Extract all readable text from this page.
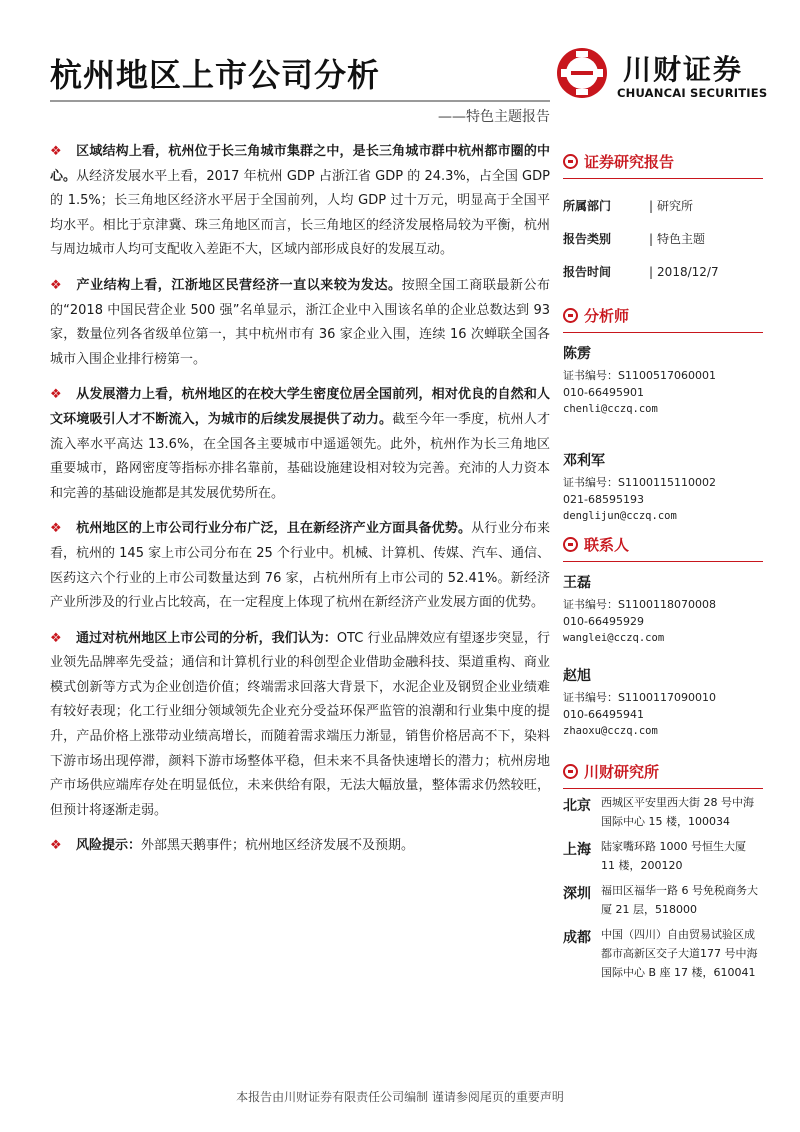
杭州地区上市公司分析	川财证券
CHUANCAI SECURITIES
——特色主题报告

❖ 区域结构上看，杭州位于长三角城市集群之中，是长三角城市群中杭州都市圈的中心。从经济发展水平上看，2017 年杭州 GDP 占浙江省 GDP 的 24.3%，占全国 GDP 的 1.5%；长三角地区经济水平居于全国前列，人均 GDP 过十万元，明显高于全国平均水平。相比于京津冀、珠三角地区而言，长三角地区的经济发展格局较为平衡，杭州与周边城市人均可支配收入差距不大，区域内部形成良好的发展互动。

❖ 产业结构上看，江浙地区民营经济一直以来较为发达。按照全国工商联最新公布的“2018 中国民营企业 500 强”名单显示，浙江企业中入围该名单的企业总数达到 93 家，数量位列各省级单位第一，其中杭州市有 36 家企业入围，连续 16 次蝉联全国各城市入围企业排行榜第一。

❖ 从发展潜力上看，杭州地区的在校大学生密度位居全国前列，相对优良的自然和人文环境吸引人才不断流入，为城市的后续发展提供了动力。截至今年一季度，杭州人才流入率水平高达 13.6%，在全国各主要城市中遥遥领先。此外，杭州作为长三角地区重要城市，路网密度等指标亦排名靠前，基础设施建设相对较为完善。充沛的人力资本和完善的基础设施都是其发展优势所在。

❖ 杭州地区的上市公司行业分布广泛，且在新经济产业方面具备优势。从行业分布来看，杭州的 145 家上市公司分布在 25 个行业中。机械、计算机、传媒、汽车、通信、医药这六个行业的上市公司数量达到 76 家，占杭州所有上市公司的 52.41%。新经济产业所涉及的行业占比较高，在一定程度上体现了杭州在新经济产业发展方面的优势。

❖ 通过对杭州地区上市公司的分析，我们认为：OTC 行业品牌效应有望逐步突显，行业领先品牌率先受益；通信和计算机行业的科创型企业借助金融科技、渠道重构、商业模式创新等方式为企业创造价值；终端需求回落大背景下，水泥企业及钢贸企业业绩难有较好表现；化工行业细分领域领先企业充分受益环保严监管的浪潮和行业集中度的提升，产品价格上涨带动业绩高增长，而随着需求端压力渐显，销售价格居高不下，染料下游市场出现停滞，颜料下游市场整体平稳，但未来不具备快速增长的潜力；杭州房地产市场供应端库存处在明显低位，未来供给有限，无法大幅放量，整体需求仍然较旺，但预计将逐渐走弱。

❖ 风险提示：外部黑天鹅事件；杭州地区经济发展不及预期。

证券研究报告
所属部门	| 研究所
报告类别	| 特色主题
报告时间	| 2018/12/7
分析师
陈雳
证书编号：S1100517060001
010-66495901
chenli@cczq.com
邓利军
证书编号：S1100115110002
021-68595193
denglijun@cczq.com
联系人
王磊
证书编号：S1100118070008
010-66495929
wanglei@cczq.com
赵旭
证书编号：S1100117090010
010-66495941
zhaoxu@cczq.com
川财研究所
北京 西城区平安里西大街 28 号中海国际中心 15 楼，100034
上海 陆家嘴环路 1000 号恒生大厦 11 楼，200120
深圳 福田区福华一路 6 号免税商务大厦 21 层，518000
成都 中国（四川）自由贸易试验区成都市高新区交子大道177 号中海国际中心 B 座 17 楼，610041
本报告由川财证券有限责任公司编制 谨请参阅尾页的重要声明
